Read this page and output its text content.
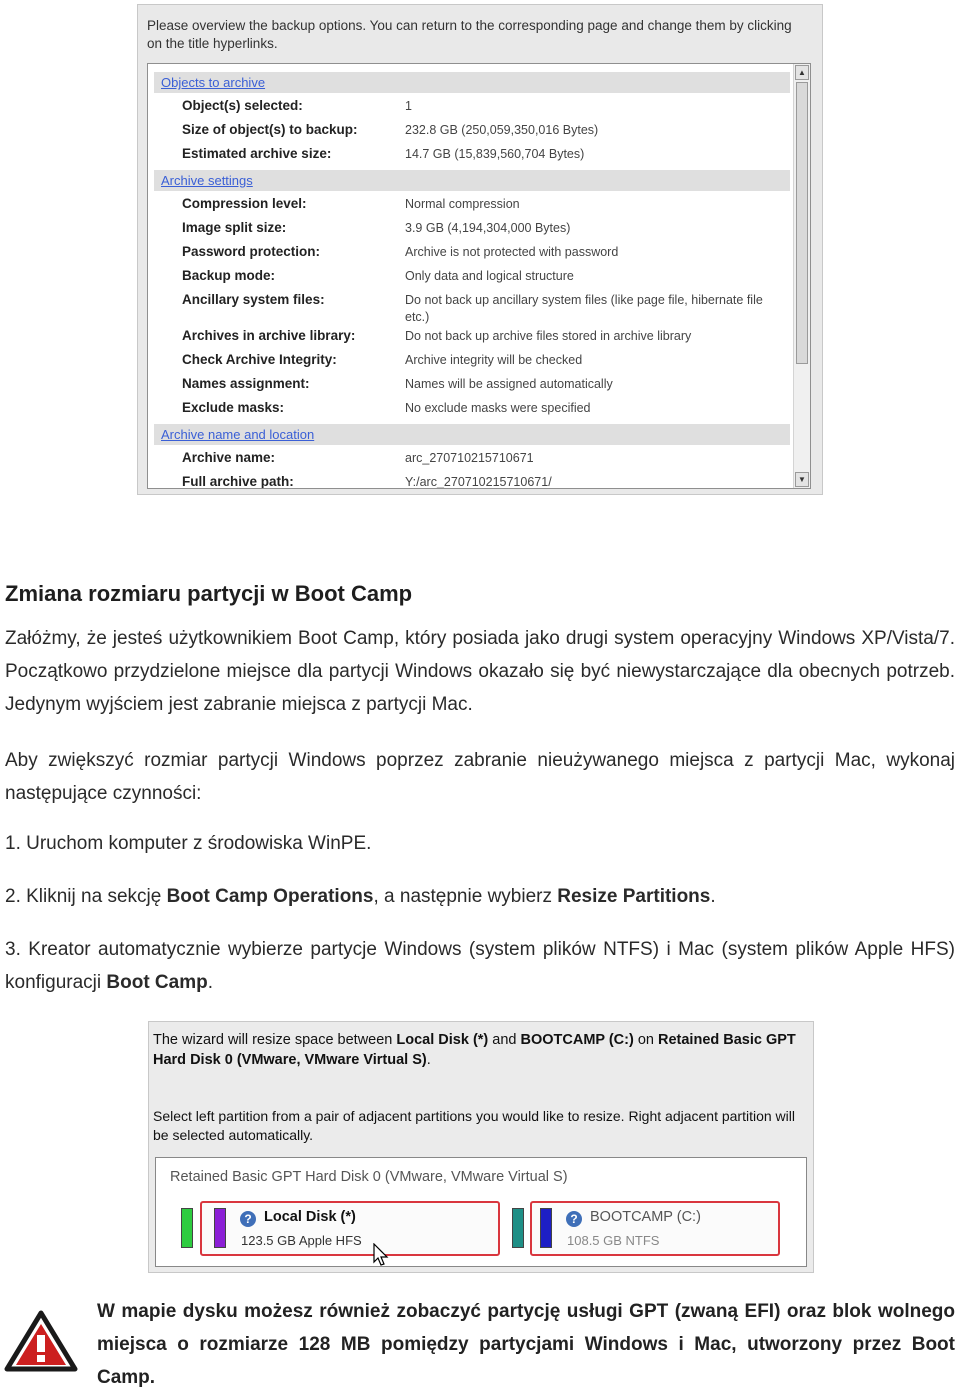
Please overview the backup options. You can return to the corresponding page and change them by clicking on the title hyperlinks.
Objects to archive
Object(s) selected:	1
Size of object(s) to backup:	232.8 GB (250,059,350,016 Bytes)
Estimated archive size:	14.7 GB (15,839,560,704 Bytes)
Archive settings
Compression level:	Normal compression
Image split size:	3.9 GB (4,194,304,000 Bytes)
Password protection:	Archive is not protected with password
Backup mode:	Only data and logical structure
Ancillary system files:	Do not back up ancillary system files (like page file, hibernate file etc.)
Archives in archive library:	Do not back up archive files stored in archive library
Check Archive Integrity:	Archive integrity will be checked
Names assignment:	Names will be assigned automatically
Exclude masks:	No exclude masks were specified
Archive name and location
Archive name:	arc_270710215710671
Full archive path:	Y:/arc_270710215710671/
▲
▼
Zmiana rozmiaru partycji w Boot Camp
Załóżmy, że jesteś użytkownikiem Boot Camp, który posiada jako drugi system operacyjny Windows XP/Vista/7. Początkowo przydzielone miejsce dla partycji Windows okazało się być niewystarczające dla obecnych potrzeb. Jedynym wyjściem jest zabranie miejsca z partycji Mac.
Aby zwiększyć rozmiar partycji Windows poprzez zabranie nieużywanego miejsca z partycji Mac, wykonaj następujące czynności:
1. Uruchom komputer z środowiska WinPE.
2. Kliknij na sekcję Boot Camp Operations, a następnie wybierz Resize Partitions.
3. Kreator automatycznie wybierze partycje Windows (system plików NTFS) i Mac (system plików Apple HFS) konfiguracji Boot Camp.
The wizard will resize space between Local Disk (*) and BOOTCAMP (C:) on Retained Basic GPT Hard Disk 0 (VMware, VMware Virtual S).
Select left partition from a pair of adjacent partitions you would like to resize. Right adjacent partition will be selected automatically.
Retained Basic GPT Hard Disk 0 (VMware, VMware Virtual S)
? Local Disk (*)
123.5 GB Apple HFS
? BOOTCAMP (C:)
108.5 GB NTFS
W mapie dysku możesz również zobaczyć partycję usługi GPT (zwaną EFI) oraz blok wolnego miejsca o rozmiarze 128 MB pomiędzy partycjami Windows i Mac, utworzony przez Boot Camp.
